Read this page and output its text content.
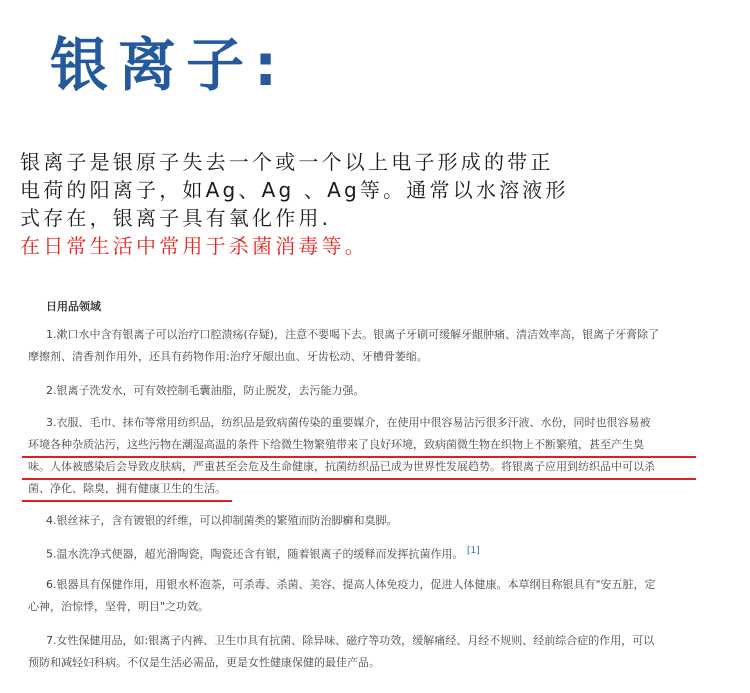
银离子:
银离子是银原子失去一个或一个以上电子形成的带正
电荷的阳离子，如Ag、Ag 、Ag等。通常以水溶液形
式存在，银离子具有氧化作用.
在日常生活中常用于杀菌消毒等。
日用品领域
1.漱口水中含有银离子可以治疗口腔溃疡(存疑)，注意不要喝下去。银离子牙刷可缓解牙龈肿痛、清洁效率高，银离子牙膏除了
摩擦剂、清香剂作用外，还具有药物作用:治疗牙龈出血、牙齿松动、牙槽骨萎缩。
2.银离子洗发水，可有效控制毛囊油脂，防止脱发，去污能力强。
3.衣服、毛巾、抹布等常用纺织品，纺织品是致病菌传染的重要媒介，在使用中很容易沾污很多汗液、水份，同时也很容易被
环境各种杂质沾污，这些污物在潮湿高温的条件下给微生物繁殖带来了良好环境，致病菌微生物在织物上不断繁殖，甚至产生臭
味。人体被感染后会导致皮肤病，严重甚至会危及生命健康，抗菌纺织品已成为世界性发展趋势。将银离子应用到纺织品中可以杀
菌、净化、除臭，拥有健康卫生的生活。
4.银丝袜子，含有镀银的纤维，可以抑制菌类的繁殖而防治脚癣和臭脚。
5.温水洗净式便器，超光滑陶瓷，陶瓷还含有银，随着银离子的缓释而发挥抗菌作用。 [1]
6.银器具有保健作用，用银水杯泡茶，可杀毒、杀菌、美容、提高人体免疫力，促进人体健康。本草纲目称银具有"安五脏，定
心神，治惊悸，坚骨，明目"之功效。
7.女性保健用品，如:银离子内裤、卫生巾具有抗菌、除异味、磁疗等功效，缓解痛经、月经不规则、经前综合症的作用，可以
预防和减轻妇科病。不仅是生活必需品，更是女性健康保健的最佳产品。
